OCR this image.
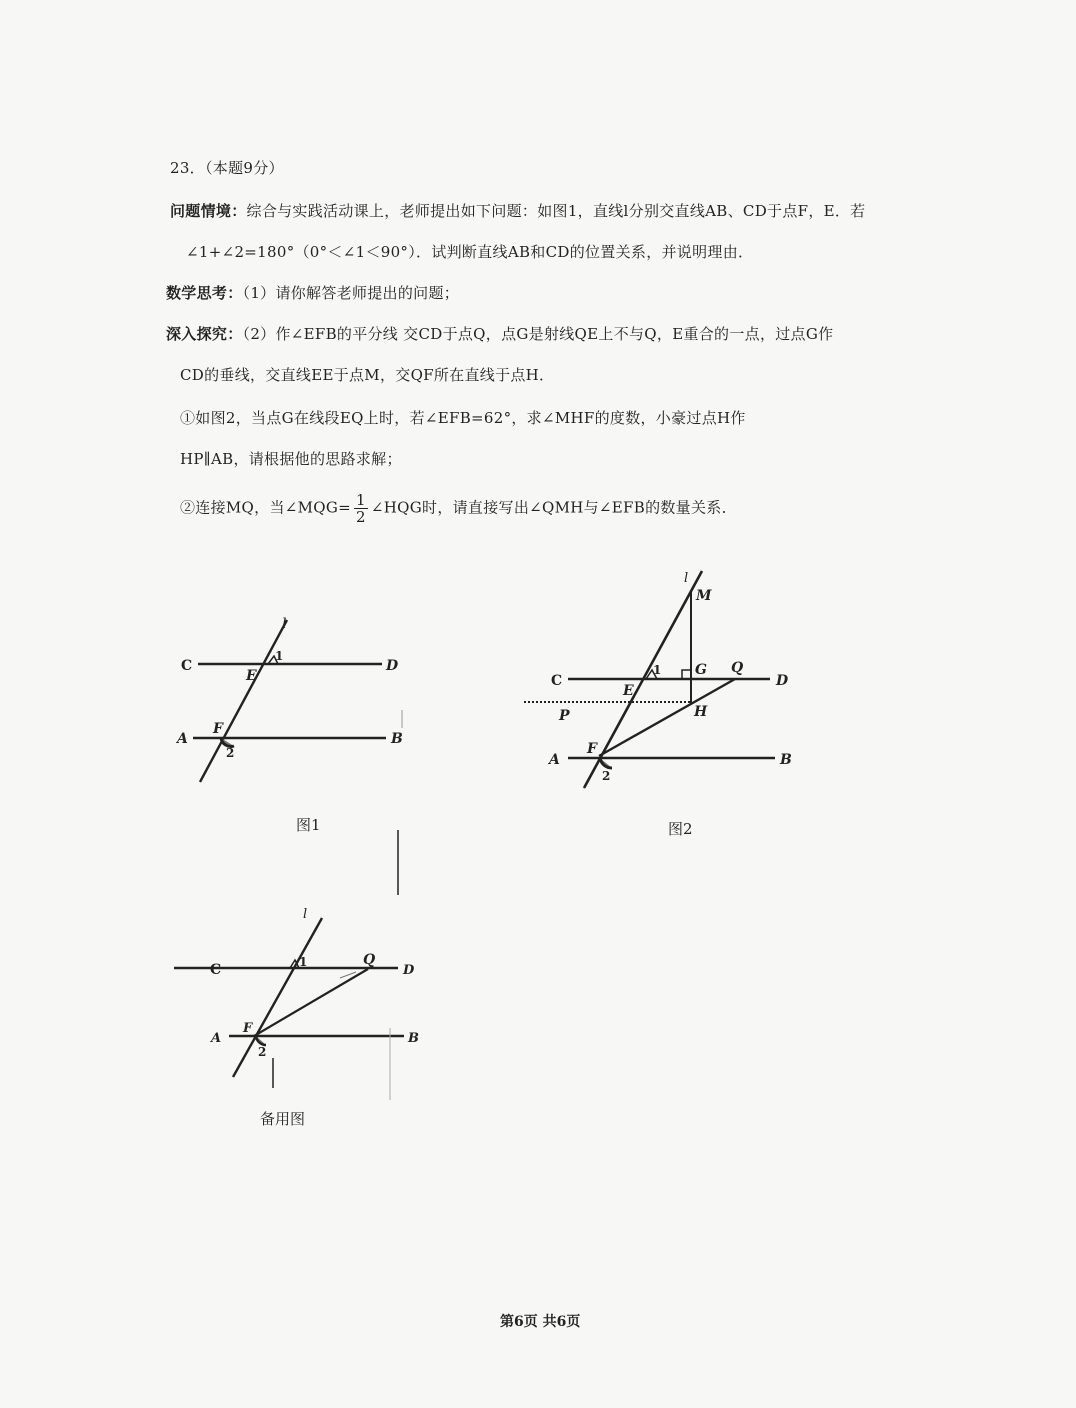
23．（本题9分）
问题情境：综合与实践活动课上，老师提出如下问题：如图1，直线l分别交直线AB、CD于点F，E．若
∠1+∠2=180°（0°＜∠1＜90°）．试判断直线AB和CD的位置关系，并说明理由．
数学思考：（1）请你解答老师提出的问题；
深入探究：（2）作∠EFB的平分线 交CD于点Q，点G是射线QE上不与Q，E重合的一点，过点G作
CD的垂线，交直线EE于点M，交QF所在直线于点H．
①如图2，当点G在线段EQ上时，若∠EFB=62°，求∠MHF的度数，小豪过点H作
HP∥AB，请根据他的思路求解；
②连接MQ，当∠MQG= $\frac{1}{2}$ ∠HQG时，请直接写出∠QMH与∠EFB的数量关系．
l
C	D
E
1
F
A	B
2
l
M
C
1 G Q
D
E
P	H
F
A	B
2
l
C	1	Q
D
F
A	B
2
图1	图2
备用图
第6页 共6页
